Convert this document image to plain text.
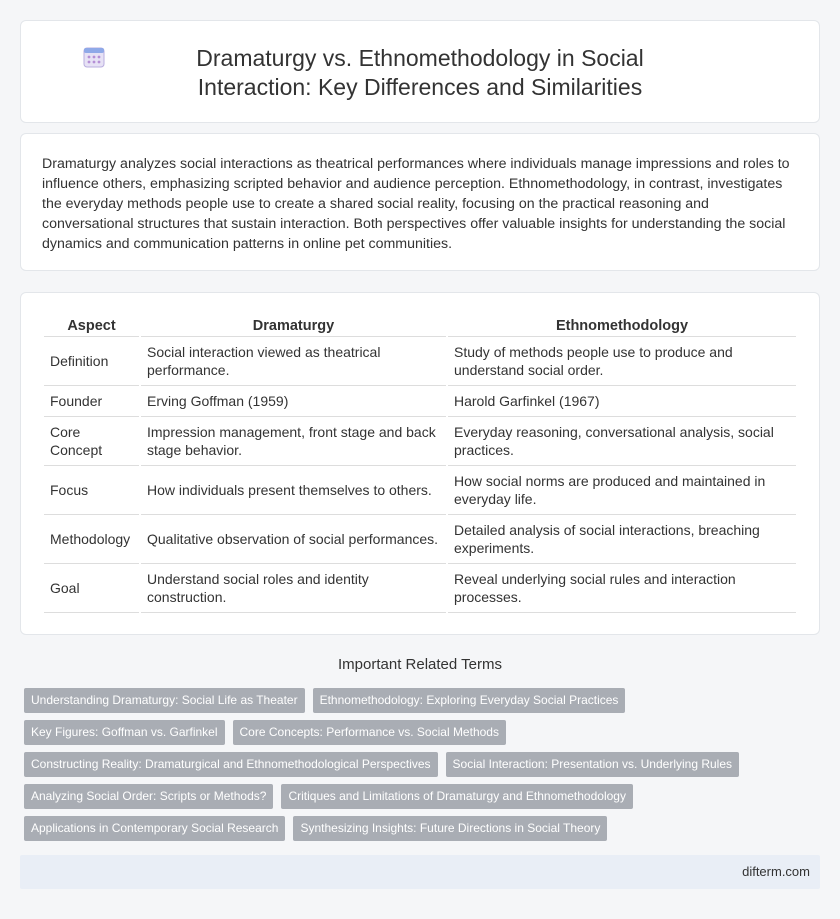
Dramaturgy vs. Ethnomethodology in Social Interaction: Key Differences and Similarities

Dramaturgy analyzes social interactions as theatrical performances where individuals manage impressions and roles to influence others, emphasizing scripted behavior and audience perception. Ethnomethodology, in contrast, investigates the everyday methods people use to create a shared social reality, focusing on the practical reasoning and conversational structures that sustain interaction. Both perspectives offer valuable insights for understanding the social dynamics and communication patterns in online pet communities.

Aspect	Dramaturgy	Ethnomethodology
Definition	Social interaction viewed as theatrical performance.	Study of methods people use to produce and understand social order.
Founder	Erving Goffman (1959)	Harold Garfinkel (1967)
Core Concept	Impression management, front stage and back stage behavior.	Everyday reasoning, conversational analysis, social practices.
Focus	How individuals present themselves to others.	How social norms are produced and maintained in everyday life.
Methodology	Qualitative observation of social performances.	Detailed analysis of social interactions, breaching experiments.
Goal	Understand social roles and identity construction.	Reveal underlying social rules and interaction processes.
Important Related Terms
Understanding Dramaturgy: Social Life as Theater	Ethnomethodology: Exploring Everyday Social Practices
Key Figures: Goffman vs. Garfinkel	Core Concepts: Performance vs. Social Methods
Constructing Reality: Dramaturgical and Ethnomethodological Perspectives	Social Interaction: Presentation vs. Underlying Rules
Analyzing Social Order: Scripts or Methods?	Critiques and Limitations of Dramaturgy and Ethnomethodology
Applications in Contemporary Social Research	Synthesizing Insights: Future Directions in Social Theory
difterm.com
